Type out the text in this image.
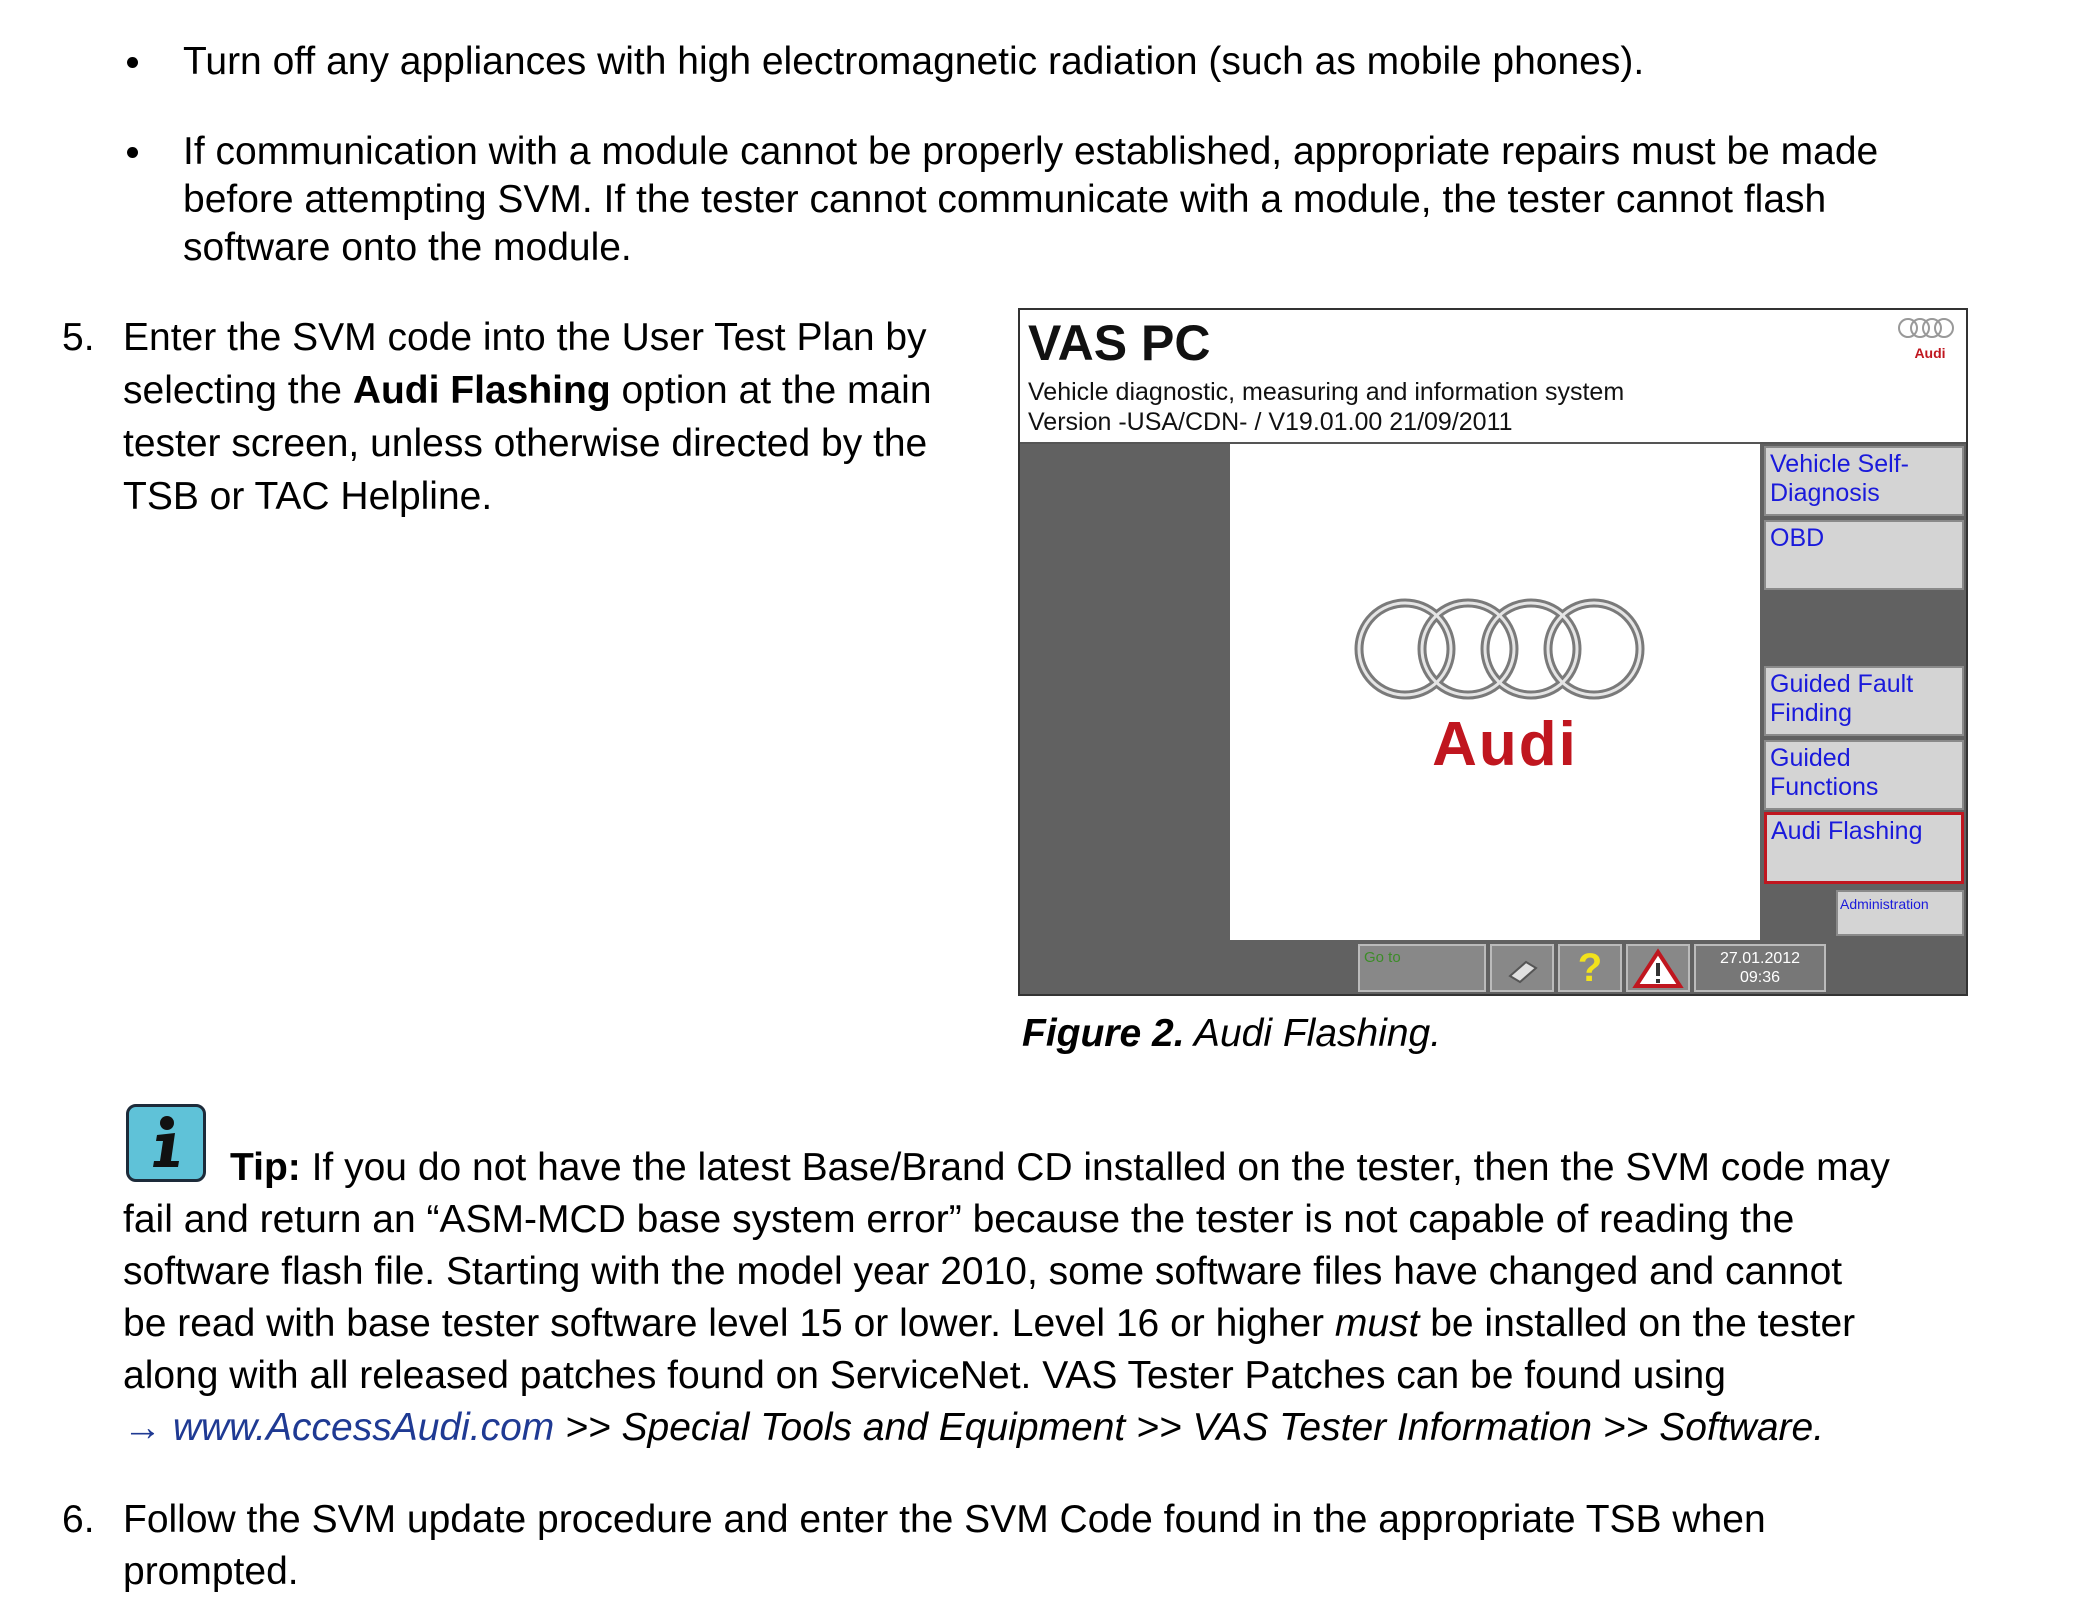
Turn off any appliances with high electromagnetic radiation (such as mobile phones).
If communication with a module cannot be properly established, appropriate repairs must be made
before attempting SVM. If the tester cannot communicate with a module, the tester cannot flash
software onto the module.
5. Enter the SVM code into the User Test Plan by
selecting the Audi Flashing option at the main
tester screen, unless otherwise directed by the
TSB or TAC Helpline.
VAS PC
Vehicle diagnostic, measuring and information system
Version -USA/CDN- / V19.01.00 21/09/2011
Audi
Audi
Vehicle Self-
Diagnosis
OBD
Guided Fault
Finding
Guided
Functions
Audi Flashing
Administration
Go to	?	27.01.2012
09:36
Figure 2. Audi Flashing.
Tip: If you do not have the latest Base/Brand CD installed on the tester, then the SVM code may
fail and return an “ASM-MCD base system error” because the tester is not capable of reading the
software flash file. Starting with the model year 2010, some software files have changed and cannot
be read with base tester software level 15 or lower. Level 16 or higher must be installed on the tester
along with all released patches found on ServiceNet. VAS Tester Patches can be found using
→ www.AccessAudi.com >> Special Tools and Equipment >> VAS Tester Information >> Software.
6. Follow the SVM update procedure and enter the SVM Code found in the appropriate TSB when
prompted.
